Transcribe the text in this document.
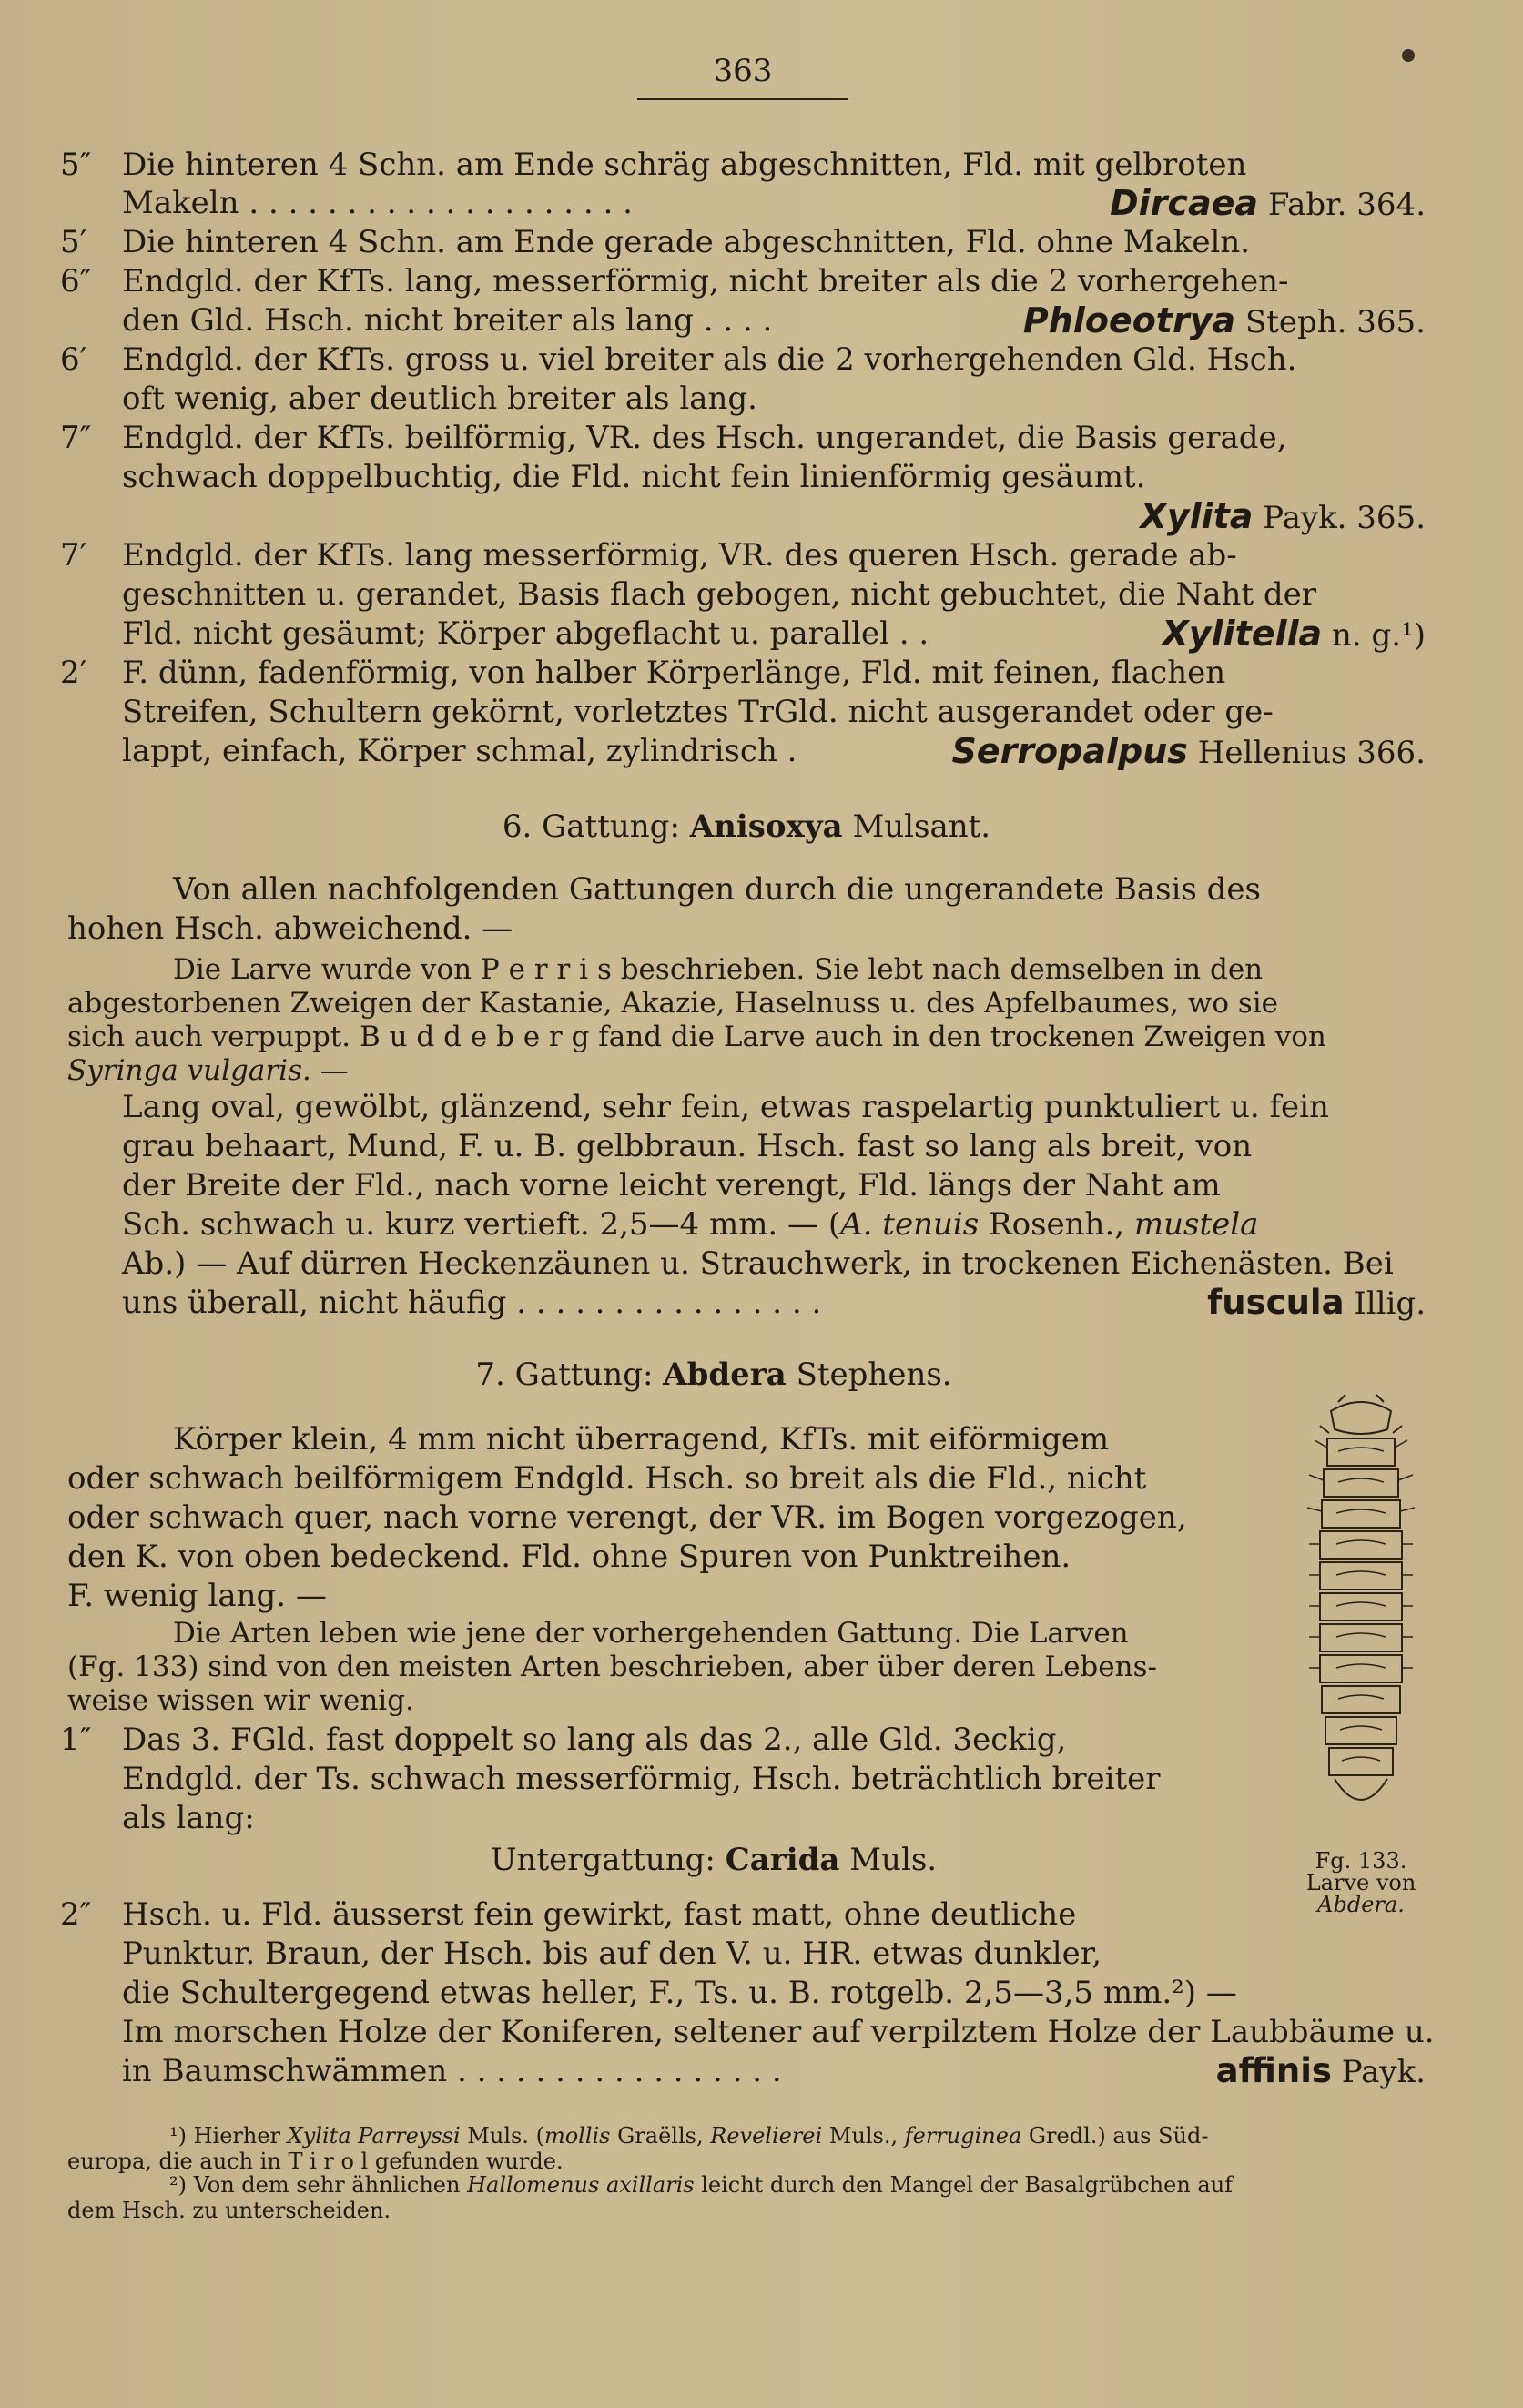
363
5″ Die hinteren 4 Schn. am Ende schräg abgeschnitten, Fld. mit gelbroten
Makeln . . . . . . . . . . . . . . . . . . . .	Dircaea Fabr. 364.
5′ Die hinteren 4 Schn. am Ende gerade abgeschnitten, Fld. ohne Makeln.
6″ Endgld. der KfTs. lang, messerförmig, nicht breiter als die 2 vorhergehen-
den Gld. Hsch. nicht breiter als lang . . . .	Phloeotrya Steph. 365.
6′ Endgld. der KfTs. gross u. viel breiter als die 2 vorhergehenden Gld. Hsch.
oft wenig, aber deutlich breiter als lang.
7″ Endgld. der KfTs. beilförmig, VR. des Hsch. ungerandet, die Basis gerade,
schwach doppelbuchtig, die Fld. nicht fein linienförmig gesäumt.
Xylita Payk. 365.
7′ Endgld. der KfTs. lang messerförmig, VR. des queren Hsch. gerade ab-
geschnitten u. gerandet, Basis flach gebogen, nicht gebuchtet, die Naht der
Fld. nicht gesäumt; Körper abgeflacht u. parallel . .	Xylitella n. g.¹)
2′ F. dünn, fadenförmig, von halber Körperlänge, Fld. mit feinen, flachen
Streifen, Schultern gekörnt, vorletztes TrGld. nicht ausgerandet oder ge-
lappt, einfach, Körper schmal, zylindrisch .	Serropalpus Hellenius 366.
6. Gattung: Anisoxya Mulsant.
Von allen nachfolgenden Gattungen durch die ungerandete Basis des
hohen Hsch. abweichend. —
Die Larve wurde von P e r r i s beschrieben. Sie lebt nach demselben in den
abgestorbenen Zweigen der Kastanie, Akazie, Haselnuss u. des Apfelbaumes, wo sie
sich auch verpuppt. B u d d e b e r g fand die Larve auch in den trockenen Zweigen von
Syringa vulgaris. —
Lang oval, gewölbt, glänzend, sehr fein, etwas raspelartig punktuliert u. fein
grau behaart, Mund, F. u. B. gelbbraun. Hsch. fast so lang als breit, von
der Breite der Fld., nach vorne leicht verengt, Fld. längs der Naht am
Sch. schwach u. kurz vertieft. 2,5—4 mm. — (A. tenuis Rosenh., mustela
Ab.) — Auf dürren Heckenzäunen u. Strauchwerk, in trockenen Eichenästen. Bei
uns überall, nicht häufig . . . . . . . . . . . . . . . .	fuscula Illig.
7. Gattung: Abdera Stephens.
Körper klein, 4 mm nicht überragend, KfTs. mit eiförmigem
oder schwach beilförmigem Endgld. Hsch. so breit als die Fld., nicht
oder schwach quer, nach vorne verengt, der VR. im Bogen vorgezogen,
den K. von oben bedeckend. Fld. ohne Spuren von Punktreihen.
F. wenig lang. —
Die Arten leben wie jene der vorhergehenden Gattung. Die Larven
(Fg. 133) sind von den meisten Arten beschrieben, aber über deren Lebens-
weise wissen wir wenig.
1″ Das 3. FGld. fast doppelt so lang als das 2., alle Gld. 3eckig,
Endgld. der Ts. schwach messerförmig, Hsch. beträchtlich breiter
als lang:
Untergattung: Carida Muls.
2″ Hsch. u. Fld. äusserst fein gewirkt, fast matt, ohne deutliche
Punktur. Braun, der Hsch. bis auf den V. u. HR. etwas dunkler,
die Schultergegend etwas heller, F., Ts. u. B. rotgelb. 2,5—3,5 mm.²) —
Im morschen Holze der Koniferen, seltener auf verpilztem Holze der Laubbäume u.
in Baumschwämmen . . . . . . . . . . . . . . . . .	affinis Payk.
Fg. 133.
Larve von
Abdera.
¹) Hierher Xylita Parreyssi Muls. (mollis Graëlls, Revelierei Muls., ferruginea Gredl.) aus Süd-
europa, die auch in T i r o l gefunden wurde.
²) Von dem sehr ähnlichen Hallomenus axillaris leicht durch den Mangel der Basalgrübchen auf
dem Hsch. zu unterscheiden.
